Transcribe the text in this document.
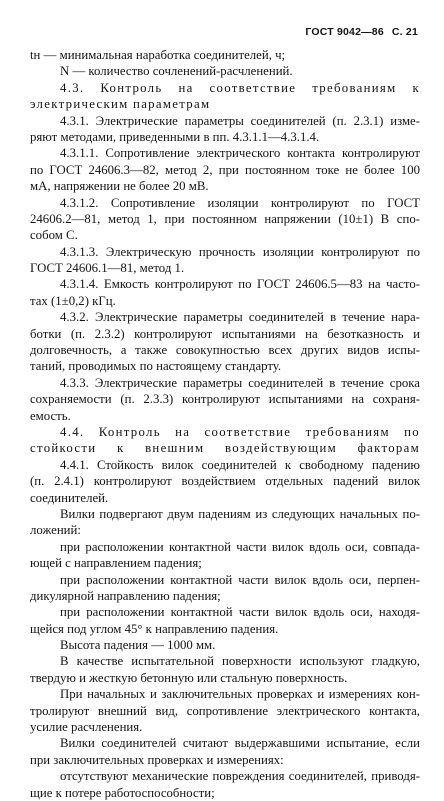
ГОСТ 9042—86 С. 21
tн — минимальная наработка соединителей, ч;
N — количество сочленений-расчленений.
4.3. Контроль на соответствие требованиям к
электрическим параметрам
4.3.1. Электрические параметры соединителей (п. 2.3.1) изме-
ряют методами, приведенными в пп. 4.3.1.1—4.3.1.4.
4.3.1.1. Сопротивление электрического контакта контролируют
по ГОСТ 24606.3—82, метод 2, при постоянном токе не более 100
мА, напряжении не более 20 мВ.
4.3.1.2. Сопротивление изоляции контролируют по ГОСТ
24606.2—81, метод 1, при постоянном напряжении (10±1) В спо-
собом С.
4.3.1.3. Электрическую прочность изоляции контролируют по
ГОСТ 24606.1—81, метод 1.
4.3.1.4. Емкость контролируют по ГОСТ 24606.5—83 на часто-
тах (1±0,2) кГц.
4.3.2. Электрические параметры соединителей в течение нара-
ботки (п. 2.3.2) контролируют испытаниями на безотказность и
долговечность, а также совокупностью всех других видов испы-
таний, проводимых по настоящему стандарту.
4.3.3. Электрические параметры соединителей в течение срока
сохраняемости (п. 2.3.3) контролируют испытаниями на сохраня-
емость.
4.4. Контроль на соответствие требованиям по
стойкости к внешним воздействующим факторам
4.4.1. Стойкость вилок соединителей к свободному падению
(п. 2.4.1) контролируют воздействием отдельных падений вилок
соединителей.
Вилки подвергают двум падениям из следующих начальных по-
ложений:
при расположении контактной части вилок вдоль оси, совпада-
ющей с направлением падения;
при расположении контактной части вилок вдоль оси, перпен-
дикулярной направлению падения;
при расположении контактной части вилок вдоль оси, находя-
щейся под углом 45° к направлению падения.
Высота падения — 1000 мм.
В качестве испытательной поверхности используют гладкую,
твердую и жесткую бетонную или стальную поверхность.
При начальных и заключительных проверках и измерениях кон-
тролируют внешний вид, сопротивление электрического контакта,
усилие расчленения.
Вилки соединителей считают выдержавшими испытание, если
при заключительных проверках и измерениях:
отсутствуют механические повреждения соединителей, приводя-
щие к потере работоспособности;
